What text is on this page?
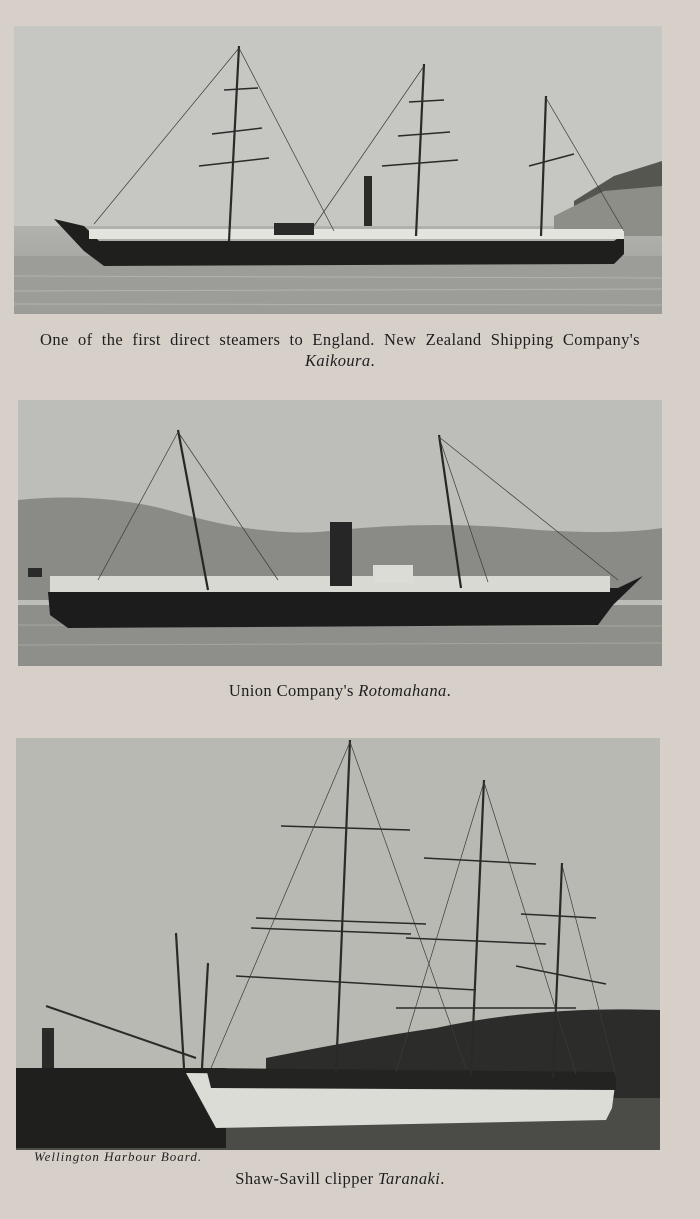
One of the first direct steamers to England. New Zealand Shipping Company's Kaikoura.
Union Company's Rotomahana.
Wellington Harbour Board.
Shaw-Savill clipper Taranaki.
